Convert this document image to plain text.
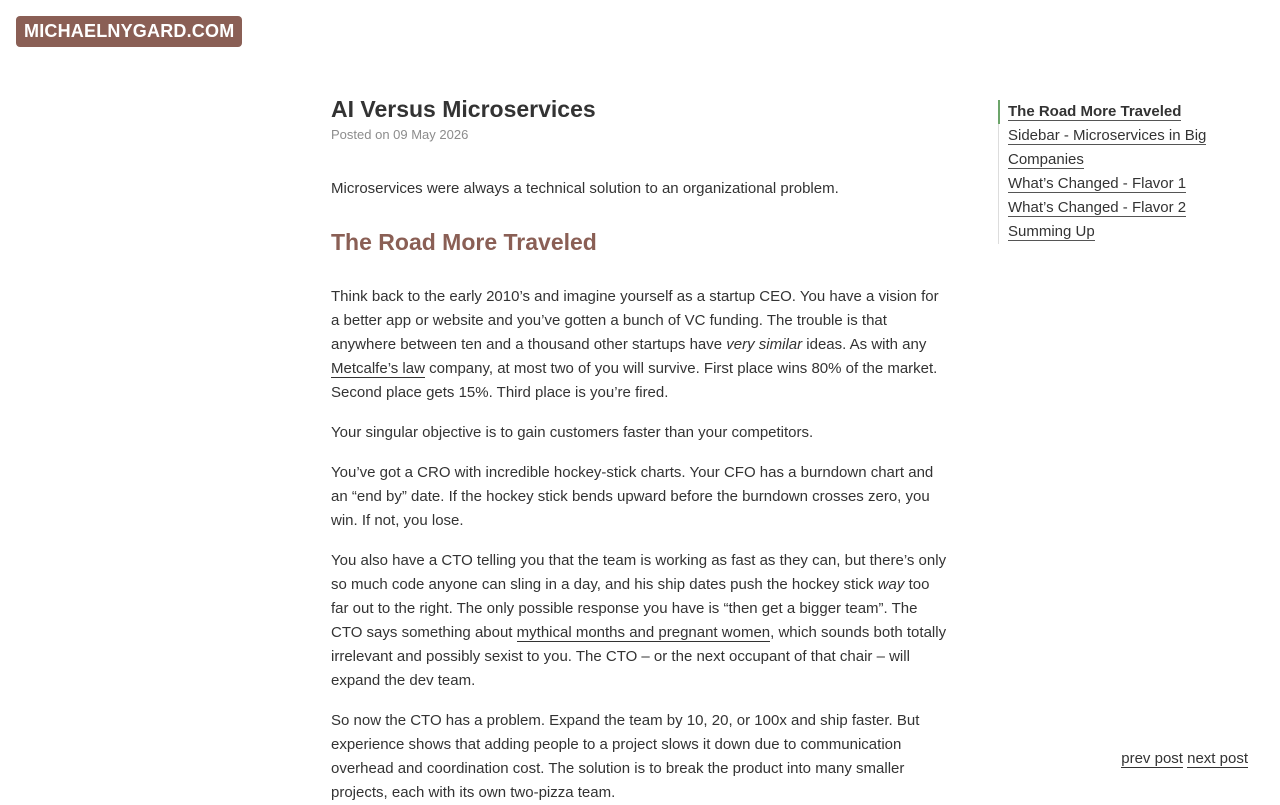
MICHAELNYGARD.COM
AI Versus Microservices

Posted on 09 May 2026

Microservices were always a technical solution to an organizational problem.

The Road More Traveled

Think back to the early 2010’s and imagine yourself as a startup CEO. You have a vision for a better app or website and you’ve gotten a bunch of VC funding. The trouble is that anywhere between ten and a thousand other startups have very similar ideas. As with any Metcalfe’s law company, at most two of you will survive. First place wins 80% of the market. Second place gets 15%. Third place is you’re fired.

Your singular objective is to gain customers faster than your competitors.

You’ve got a CRO with incredible hockey-stick charts. Your CFO has a burndown chart and an “end by” date. If the hockey stick bends upward before the burndown crosses zero, you win. If not, you lose.

You also have a CTO telling you that the team is working as fast as they can, but there’s only so much code anyone can sling in a day, and his ship dates push the hockey stick way too far out to the right. The only possible response you have is “then get a bigger team”. The CTO says something about mythical months and pregnant women, which sounds both totally irrelevant and possibly sexist to you. The CTO – or the next occupant of that chair – will expand the dev team.

So now the CTO has a problem. Expand the team by 10, 20, or 100x and ship faster. But experience shows that adding people to a project slows it down due to communication overhead and coordination cost. The solution is to break the product into many smaller projects, each with its own two-pizza team.

The Road More Traveled
Sidebar - Microservices in Big Companies
What’s Changed - Flavor 1
What’s Changed - Flavor 2
Summing Up
prev post next post
